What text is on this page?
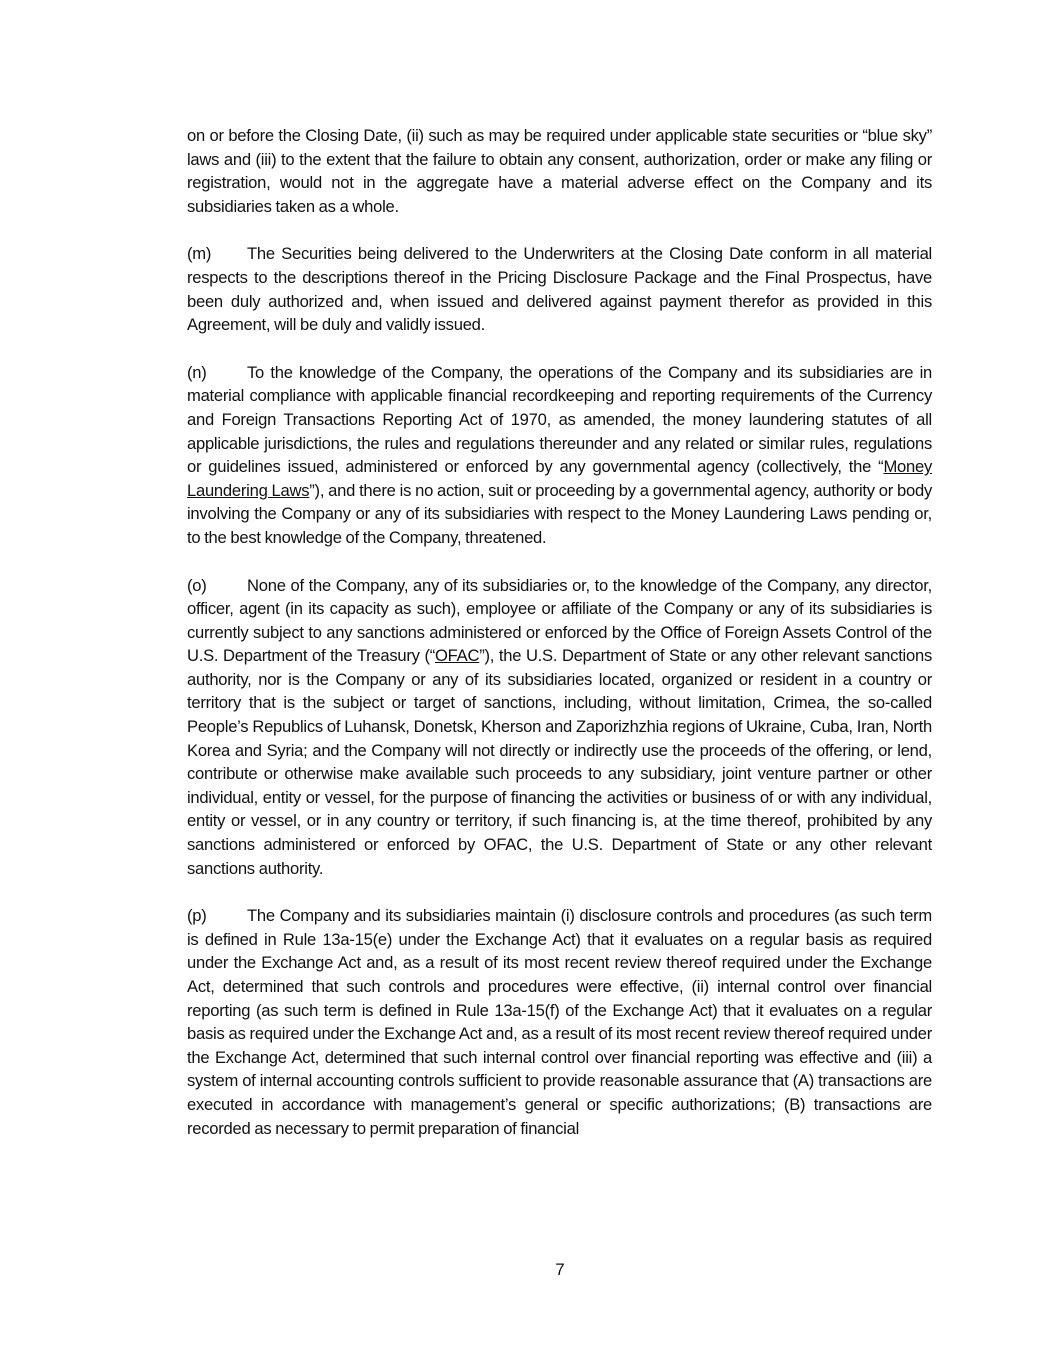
on or before the Closing Date, (ii) such as may be required under applicable state securities or “blue sky” laws and (iii) to the extent that the failure to obtain any consent, authorization, order or make any filing or registration, would not in the aggregate have a material adverse effect on the Company and its subsidiaries taken as a whole.

(m) The Securities being delivered to the Underwriters at the Closing Date conform in all material respects to the descriptions thereof in the Pricing Disclosure Package and the Final Prospectus, have been duly authorized and, when issued and delivered against payment therefor as provided in this Agreement, will be duly and validly issued.

(n) To the knowledge of the Company, the operations of the Company and its subsidiaries are in material compliance with applicable financial recordkeeping and reporting requirements of the Currency and Foreign Transactions Reporting Act of 1970, as amended, the money laundering statutes of all applicable jurisdictions, the rules and regulations thereunder and any related or similar rules, regulations or guidelines issued, administered or enforced by any governmental agency (collectively, the “Money Laundering Laws”), and there is no action, suit or proceeding by a governmental agency, authority or body involving the Company or any of its subsidiaries with respect to the Money Laundering Laws pending or, to the best knowledge of the Company, threatened.

(o) None of the Company, any of its subsidiaries or, to the knowledge of the Company, any director, officer, agent (in its capacity as such), employee or affiliate of the Company or any of its subsidiaries is currently subject to any sanctions administered or enforced by the Office of Foreign Assets Control of the U.S. Department of the Treasury (“OFAC”), the U.S. Department of State or any other relevant sanctions authority, nor is the Company or any of its subsidiaries located, organized or resident in a country or territory that is the subject or target of sanctions, including, without limitation, Crimea, the so-called People’s Republics of Luhansk, Donetsk, Kherson and Zaporizhzhia regions of Ukraine, Cuba, Iran, North Korea and Syria; and the Company will not directly or indirectly use the proceeds of the offering, or lend, contribute or otherwise make available such proceeds to any subsidiary, joint venture partner or other individual, entity or vessel, for the purpose of financing the activities or business of or with any individual, entity or vessel, or in any country or territory, if such financing is, at the time thereof, prohibited by any sanctions administered or enforced by OFAC, the U.S. Department of State or any other relevant sanctions authority.

(p) The Company and its subsidiaries maintain (i) disclosure controls and procedures (as such term is defined in Rule 13a-15(e) under the Exchange Act) that it evaluates on a regular basis as required under the Exchange Act and, as a result of its most recent review thereof required under the Exchange Act, determined that such controls and procedures were effective, (ii) internal control over financial reporting (as such term is defined in Rule 13a-15(f) of the Exchange Act) that it evaluates on a regular basis as required under the Exchange Act and, as a result of its most recent review thereof required under the Exchange Act, determined that such internal control over financial reporting was effective and (iii) a system of internal accounting controls sufficient to provide reasonable assurance that (A) transactions are executed in accordance with management’s general or specific authorizations; (B) transactions are recorded as necessary to permit preparation of financial

7
